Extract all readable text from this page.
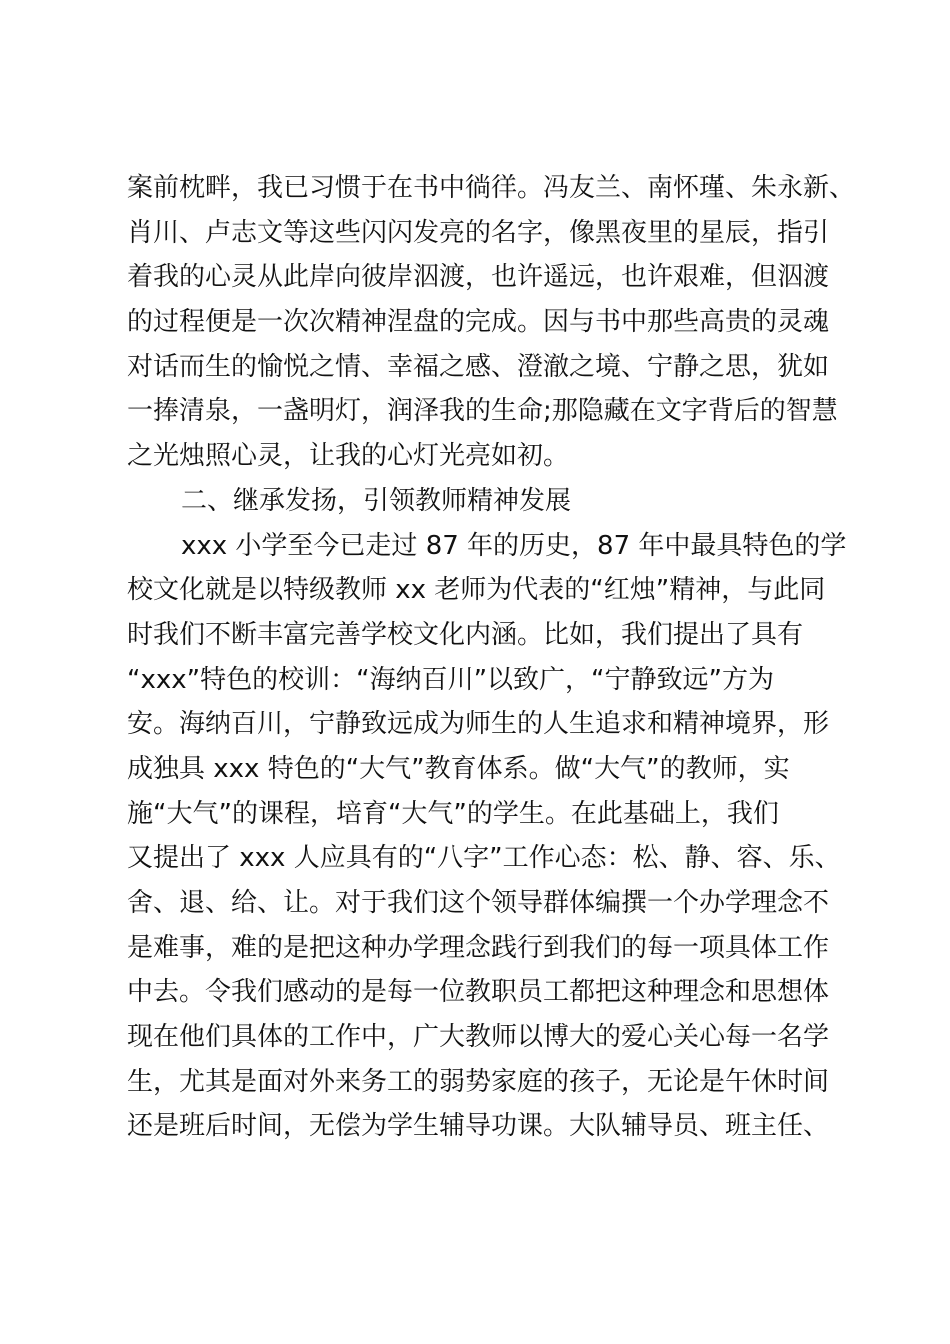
案前枕畔，我已习惯于在书中徜徉。冯友兰、南怀瑾、朱永新、
肖川、卢志文等这些闪闪发亮的名字，像黑夜里的星辰，指引
着我的心灵从此岸向彼岸泅渡，也许遥远，也许艰难，但泅渡
的过程便是一次次精神涅盘的完成。因与书中那些高贵的灵魂
对话而生的愉悦之情、幸福之感、澄澈之境、宁静之思，犹如
一捧清泉，一盏明灯，润泽我的生命;那隐藏在文字背后的智慧
之光烛照心灵，让我的心灯光亮如初。
二、继承发扬，引领教师精神发展
xxx 小学至今已走过 87 年的历史，87 年中最具特色的学
校文化就是以特级教师 xx 老师为代表的“红烛”精神，与此同
时我们不断丰富完善学校文化内涵。比如，我们提出了具有
“xxx”特色的校训：“海纳百川”以致广，“宁静致远”方为
安。海纳百川，宁静致远成为师生的人生追求和精神境界，形
成独具 xxx 特色的“大气”教育体系。做“大气”的教师，实
施“大气”的课程，培育“大气”的学生。在此基础上，我们
又提出了 xxx 人应具有的“八字”工作心态：松、静、容、乐、
舍、退、给、让。对于我们这个领导群体编撰一个办学理念不
是难事，难的是把这种办学理念践行到我们的每一项具体工作
中去。令我们感动的是每一位教职员工都把这种理念和思想体
现在他们具体的工作中，广大教师以博大的爱心关心每一名学
生，尤其是面对外来务工的弱势家庭的孩子，无论是午休时间
还是班后时间，无偿为学生辅导功课。大队辅导员、班主任、
